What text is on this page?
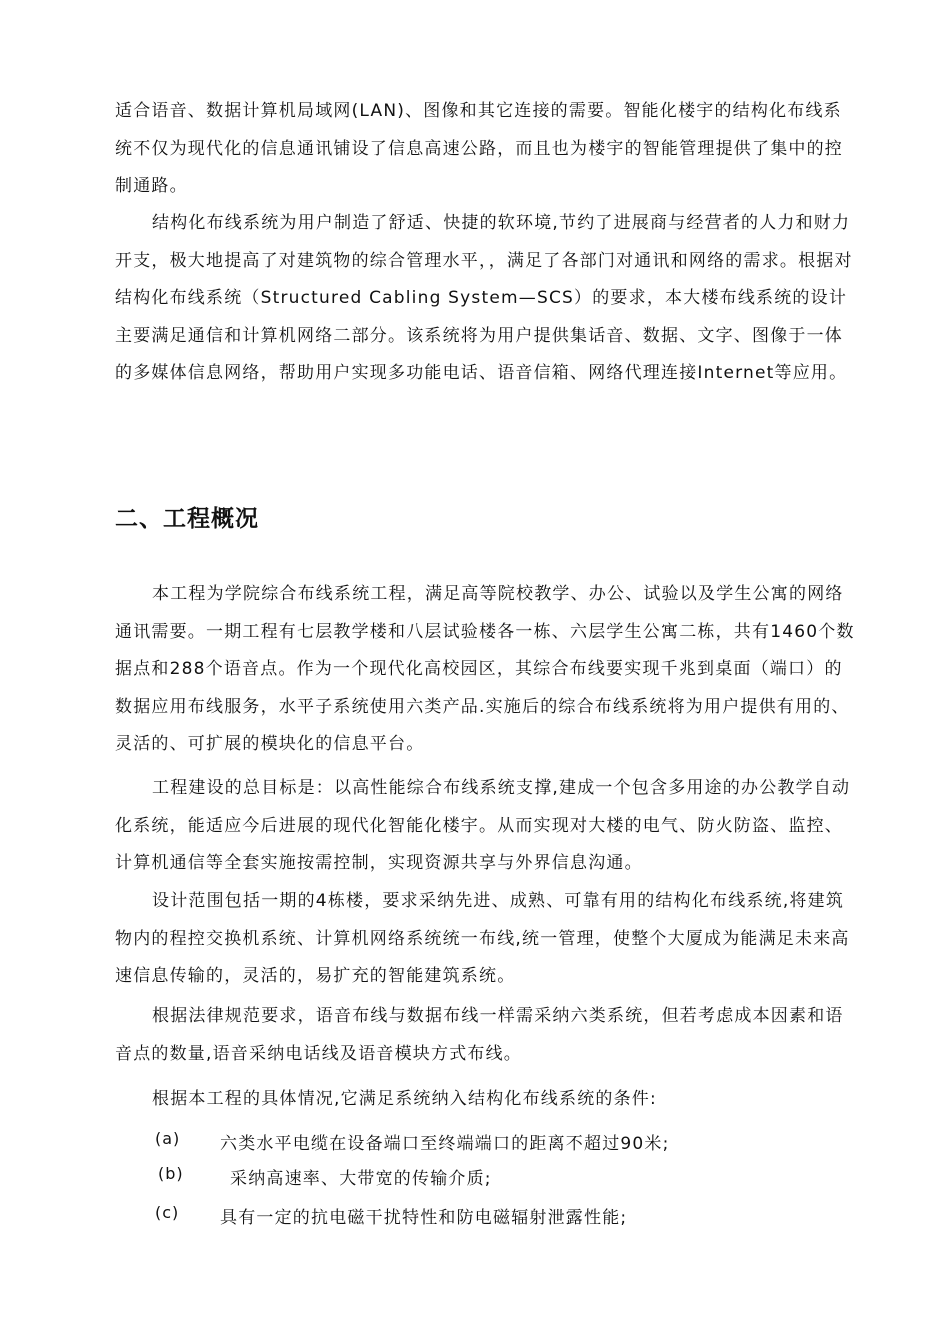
适合语音、数据计算机局域网(LAN)、图像和其它连接的需要。智能化楼宇的结构化布线系统不仅为现代化的信息通讯铺设了信息高速公路，而且也为楼宇的智能管理提供了集中的控制通路。

结构化布线系统为用户制造了舒适、快捷的软环境,节约了进展商与经营者的人力和财力开支，极大地提高了对建筑物的综合管理水平，，满足了各部门对通讯和网络的需求。根据对结构化布线系统（Structured Cabling System—SCS）的要求，本大楼布线系统的设计主要满足通信和计算机网络二部分。该系统将为用户提供集话音、数据、文字、图像于一体的多媒体信息网络，帮助用户实现多功能电话、语音信箱、网络代理连接Internet等应用。

二、工程概况

本工程为学院综合布线系统工程，满足高等院校教学、办公、试验以及学生公寓的网络通讯需要。一期工程有七层教学楼和八层试验楼各一栋、六层学生公寓二栋，共有1460个数据点和288个语音点。作为一个现代化高校园区，其综合布线要实现千兆到桌面（端口）的数据应用布线服务，水平子系统使用六类产品.实施后的综合布线系统将为用户提供有用的、灵活的、可扩展的模块化的信息平台。

工程建设的总目标是：以高性能综合布线系统支撑,建成一个包含多用途的办公教学自动化系统，能适应今后进展的现代化智能化楼宇。从而实现对大楼的电气、防火防盗、监控、计算机通信等全套实施按需控制，实现资源共享与外界信息沟通。

设计范围包括一期的4栋楼，要求采纳先进、成熟、可靠有用的结构化布线系统,将建筑物内的程控交换机系统、计算机网络系统统一布线,统一管理，使整个大厦成为能满足未来高速信息传输的，灵活的，易扩充的智能建筑系统。

根据法律规范要求，语音布线与数据布线一样需采纳六类系统，但若考虑成本因素和语音点的数量,语音采纳电话线及语音模块方式布线。

根据本工程的具体情况,它满足系统纳入结构化布线系统的条件:

(a) 六类水平电缆在设备端口至终端端口的距离不超过90米;
(b)	采纳高速率、大带宽的传输介质;
(c) 具有一定的抗电磁干扰特性和防电磁辐射泄露性能;
